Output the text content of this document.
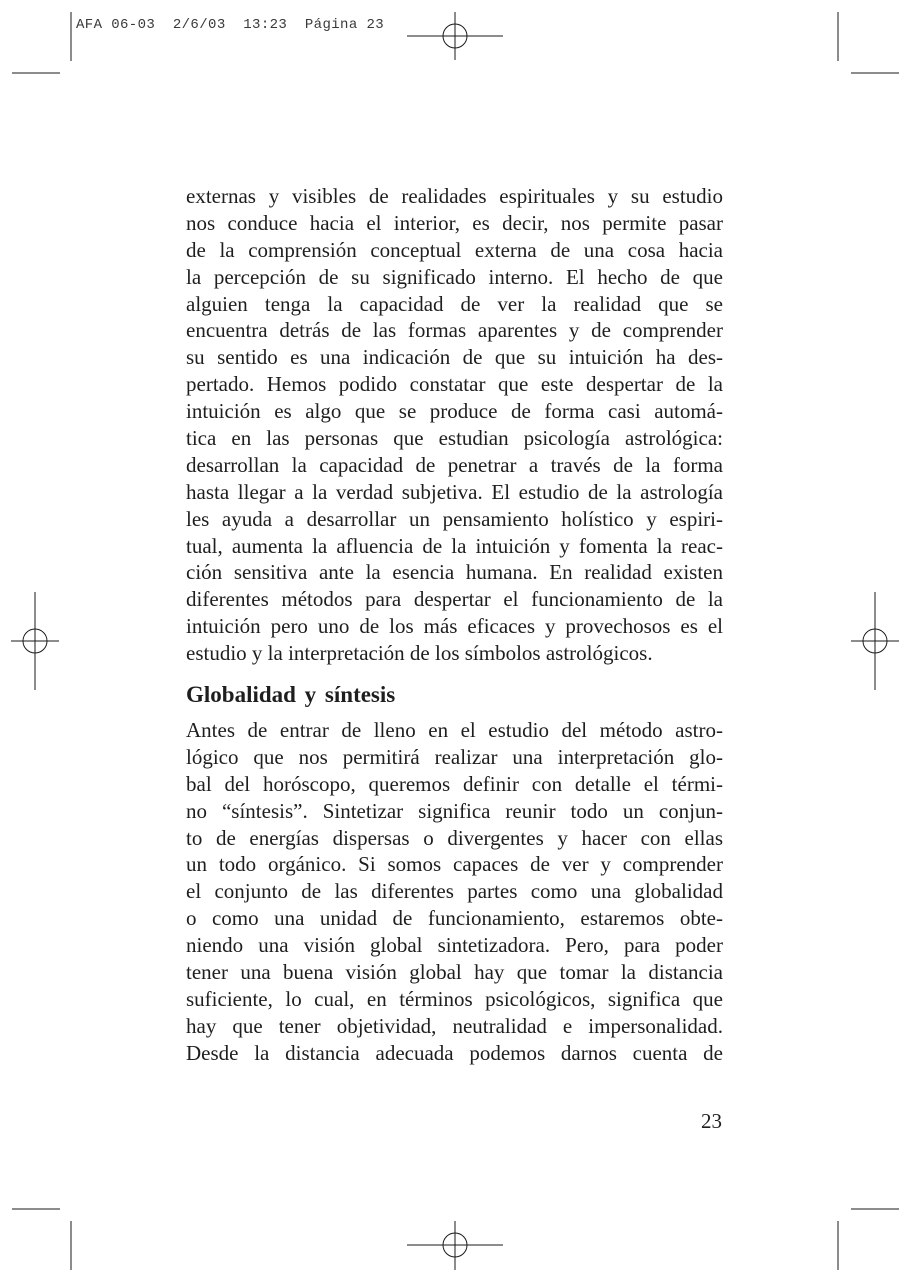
AFA 06-03  2/6/03  13:23  Página 23
externas y visibles de realidades espirituales y su estudio
nos conduce hacia el interior, es decir, nos permite pasar
de la comprensión conceptual externa de una cosa hacia
la percepción de su significado interno. El hecho de que
alguien tenga la capacidad de ver la realidad que se
encuentra detrás de las formas aparentes y de comprender
su sentido es una indicación de que su intuición ha des-
pertado. Hemos podido constatar que este despertar de la
intuición es algo que se produce de forma casi automá-
tica en las personas que estudian psicología astrológica:
desarrollan la capacidad de penetrar a través de la forma
hasta llegar a la verdad subjetiva. El estudio de la astrología
les ayuda a desarrollar un pensamiento holístico y espiri-
tual, aumenta la afluencia de la intuición y fomenta la reac-
ción sensitiva ante la esencia humana. En realidad existen
diferentes métodos para despertar el funcionamiento de la
intuición pero uno de los más eficaces y provechosos es el
estudio y la interpretación de los símbolos astrológicos.
Globalidad y síntesis
Antes de entrar de lleno en el estudio del método astro-
lógico que nos permitirá realizar una interpretación glo-
bal del horóscopo, queremos definir con detalle el térmi-
no “síntesis”. Sintetizar significa reunir todo un conjun-
to de energías dispersas o divergentes y hacer con ellas
un todo orgánico. Si somos capaces de ver y comprender
el conjunto de las diferentes partes como una globalidad
o como una unidad de funcionamiento, estaremos obte-
niendo una visión global sintetizadora. Pero, para poder
tener una buena visión global hay que tomar la distancia
suficiente, lo cual, en términos psicológicos, significa que
hay que tener objetividad, neutralidad e impersonalidad.
Desde la distancia adecuada podemos darnos cuenta de
23
